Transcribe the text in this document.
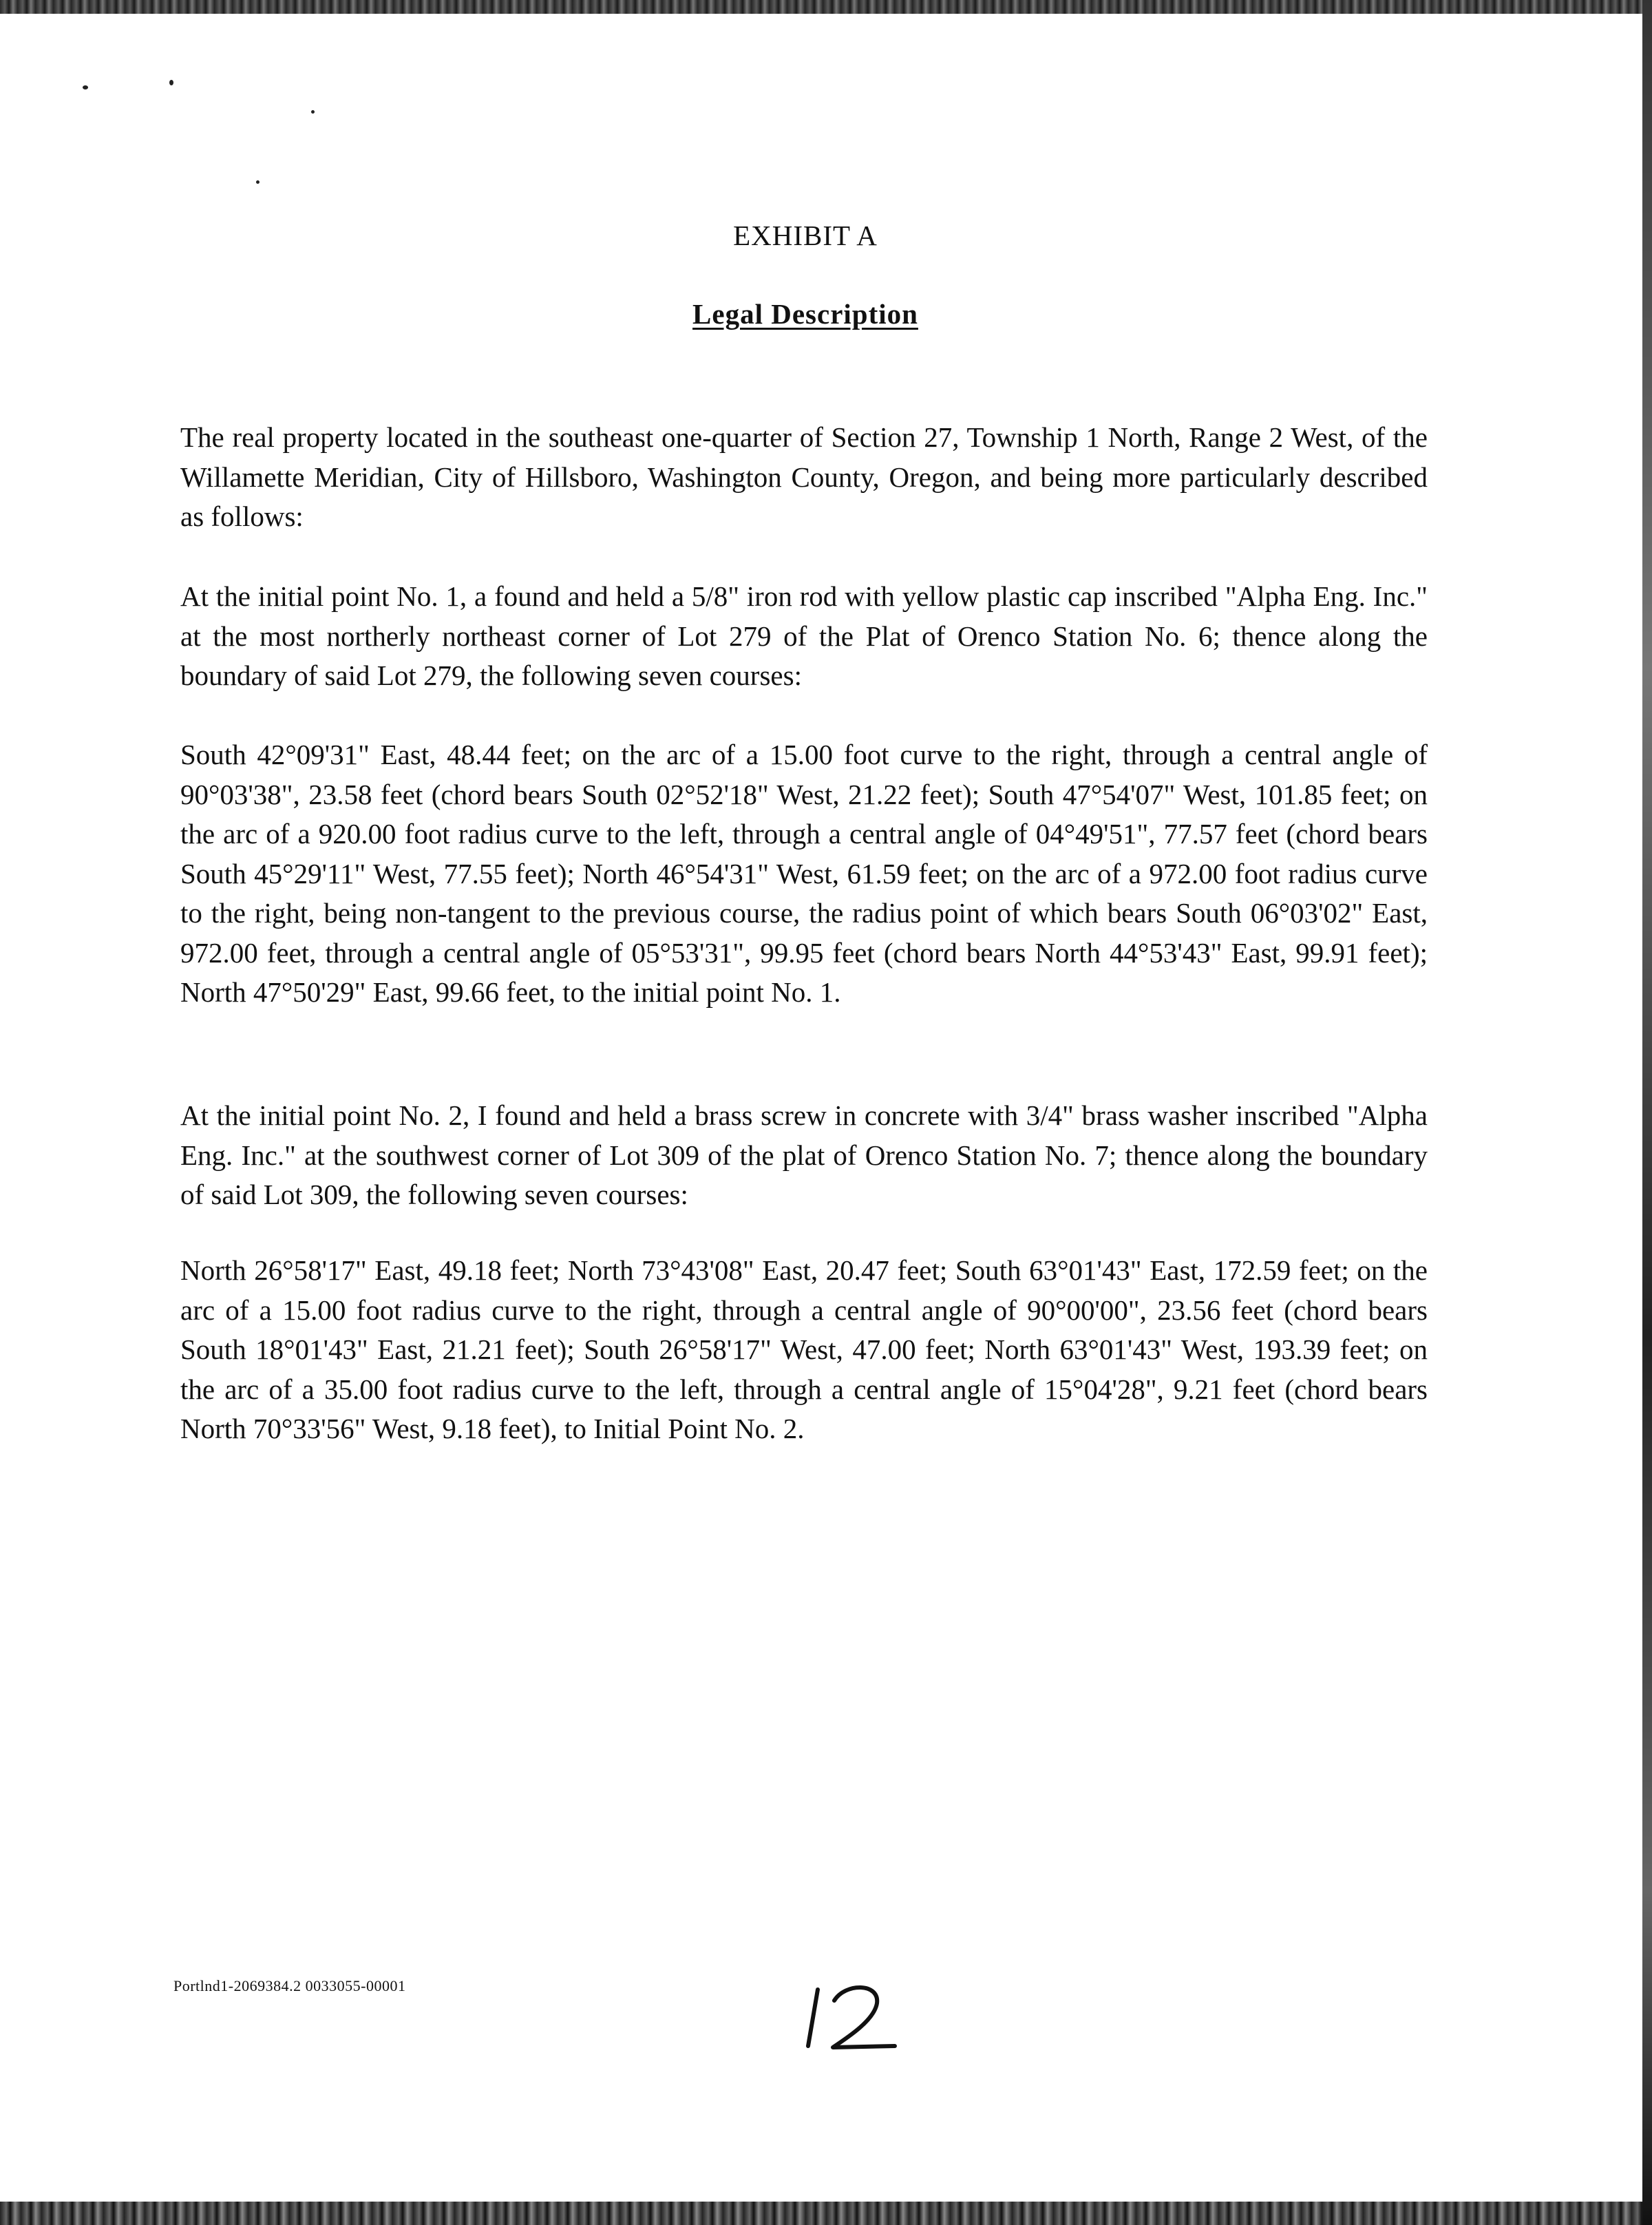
EXHIBIT A
Legal Description

The real property located in the southeast one-quarter of Section 27, Township 1 North, Range 2 West, of the Willamette Meridian, City of Hillsboro, Washington County, Oregon, and being more particularly described as follows:

At the initial point No. 1, a found and held a 5/8" iron rod with yellow plastic cap inscribed "Alpha Eng. Inc." at the most northerly northeast corner of Lot 279 of the Plat of Orenco Station No. 6; thence along the boundary of said Lot 279, the following seven courses:

South 42°09'31" East, 48.44 feet; on the arc of a 15.00 foot curve to the right, through a central angle of 90°03'38", 23.58 feet (chord bears South 02°52'18" West, 21.22 feet); South 47°54'07" West, 101.85 feet; on the arc of a 920.00 foot radius curve to the left, through a central angle of 04°49'51", 77.57 feet (chord bears South 45°29'11" West, 77.55 feet); North 46°54'31" West, 61.59 feet; on the arc of a 972.00 foot radius curve to the right, being non-tangent to the previous course, the radius point of which bears South 06°03'02" East, 972.00 feet, through a central angle of 05°53'31", 99.95 feet (chord bears North 44°53'43" East, 99.91 feet); North 47°50'29" East, 99.66 feet, to the initial point No. 1.

At the initial point No. 2, I found and held a brass screw in concrete with 3/4" brass washer inscribed "Alpha Eng. Inc." at the southwest corner of Lot 309 of the plat of Orenco Station No. 7; thence along the boundary of said Lot 309, the following seven courses:

North 26°58'17" East, 49.18 feet; North 73°43'08" East, 20.47 feet; South 63°01'43" East, 172.59 feet; on the arc of a 15.00 foot radius curve to the right, through a central angle of 90°00'00", 23.56 feet (chord bears South 18°01'43" East, 21.21 feet); South 26°58'17" West, 47.00 feet; North 63°01'43" West, 193.39 feet; on the arc of a 35.00 foot radius curve to the left, through a central angle of 15°04'28", 9.21 feet (chord bears North 70°33'56" West, 9.18 feet), to Initial Point No. 2.

Portlnd1-2069384.2 0033055-00001
